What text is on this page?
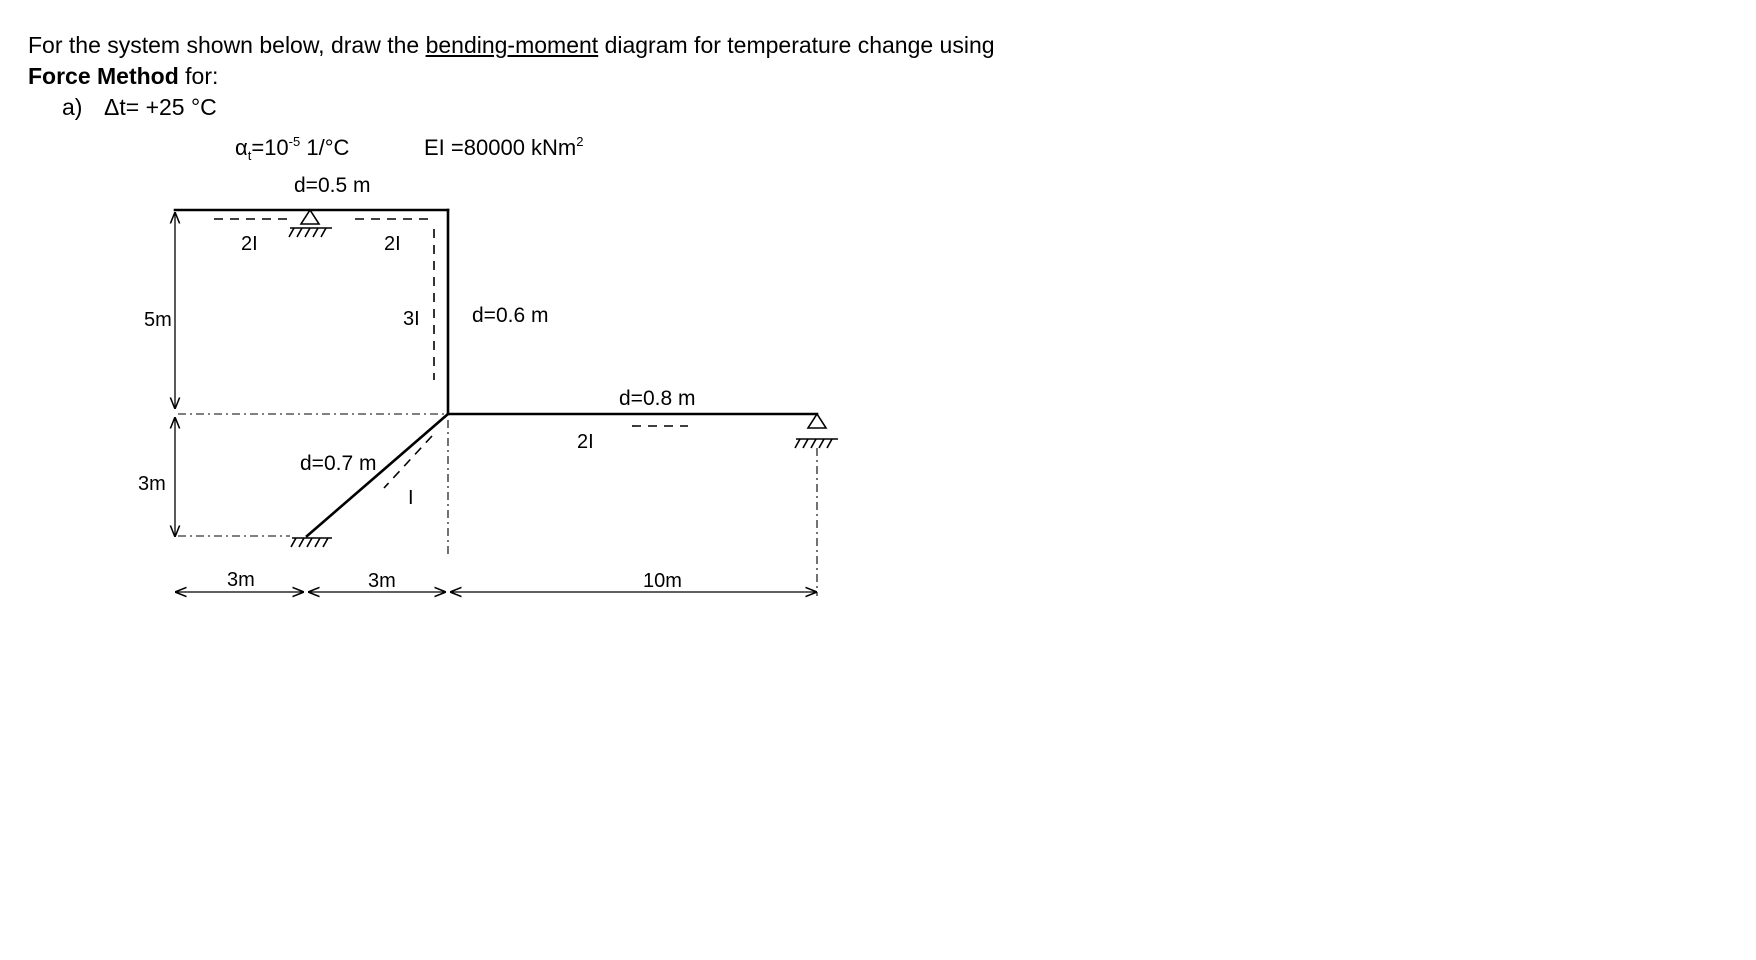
For the system shown below, draw the bending-moment diagram for temperature change using
Force Method for:
a) Δt= +25 °C
$\alpha_t=10^{-5}$ 1/°C	EI =80000 kNm$^2$
d=0.5 m
2I	2I
3I d=0.6 m
d=0.8 m
2I
d=0.7 m
I
5m
3m
3m	3m	10m
